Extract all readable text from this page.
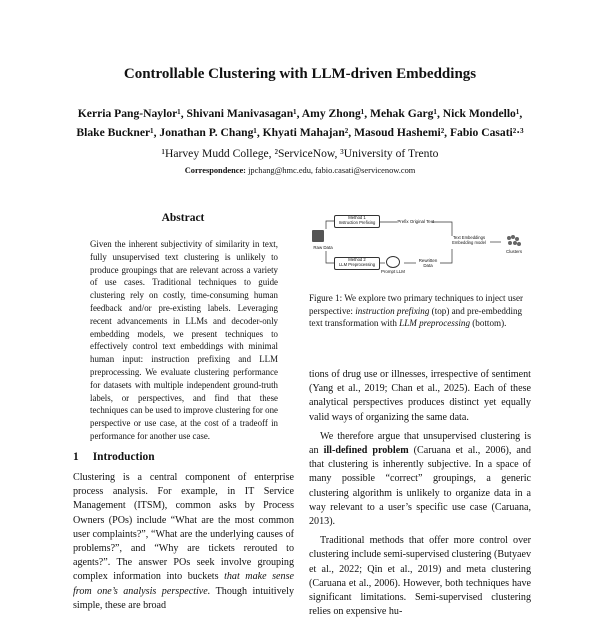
Controllable Clustering with LLM-driven Embeddings
Kerria Pang-Naylor¹, Shivani Manivasagan¹, Amy Zhong¹, Mehak Garg¹, Nick Mondello¹,
Blake Buckner¹, Jonathan P. Chang¹, Khyati Mahajan², Masoud Hashemi², Fabio Casati²·³
¹Harvey Mudd College, ²ServiceNow, ³University of Trento
Correspondence: jpchang@hmc.edu, fabio.casati@servicenow.com
Abstract
Given the inherent subjectivity of similarity in text, fully unsupervised text clustering is unlikely to produce groupings that are relevant across a variety of use cases. Traditional techniques to guide clustering rely on costly, time-consuming human feedback and/or pre-existing labels. Leveraging recent advancements in LLMs and decoder-only embedding models, we present techniques to effectively control text embeddings with minimal human input: instruction prefixing and LLM preprocessing. We evaluate clustering performance for datasets with multiple independent ground-truth labels, or perspectives, and find that these techniques can be used to improve clustering for one perspective or use case, at the cost of a tradeoff in performance for another use case.
1 Introduction
Clustering is a central component of enterprise process analysis. For example, in IT Service Management (ITSM), common asks by Process Owners (POs) include “What are the most common user complaints?”, “What are the underlying causes of problems?”, and “Why are tickets rerouted to agents?”. The answer POs seek involve grouping complex information into buckets that make sense from one’s analysis perspective. Though intuitively simple, these are broad
Raw Data
Method 1
Instruction Prefixing	Prefix Original Text
Method 2
LLM Preprocessing
Prompt LLM
Rewritten
Data
Text Embeddings
Embedding model
Clusters
Figure 1: We explore two primary techniques to inject user perspective: instruction prefixing (top) and pre-embedding text transformation with LLM preprocessing (bottom).

tions of drug use or illnesses, irrespective of sentiment (Yang et al., 2019; Chan et al., 2025). Each of these analytical perspectives produces distinct yet equally valid ways of organizing the same data.

We therefore argue that unsupervised clustering is an ill-defined problem (Caruana et al., 2006), and that clustering is inherently subjective. In a space of many possible “correct” groupings, a generic clustering algorithm is unlikely to organize data in a way relevant to a user’s specific use case (Caruana, 2013).

Traditional methods that offer more control over clustering include semi-supervised clustering (Butyaev et al., 2022; Qin et al., 2019) and meta clustering (Caruana et al., 2006). However, both techniques have significant limitations. Semi-supervised clustering relies on expensive hu-
